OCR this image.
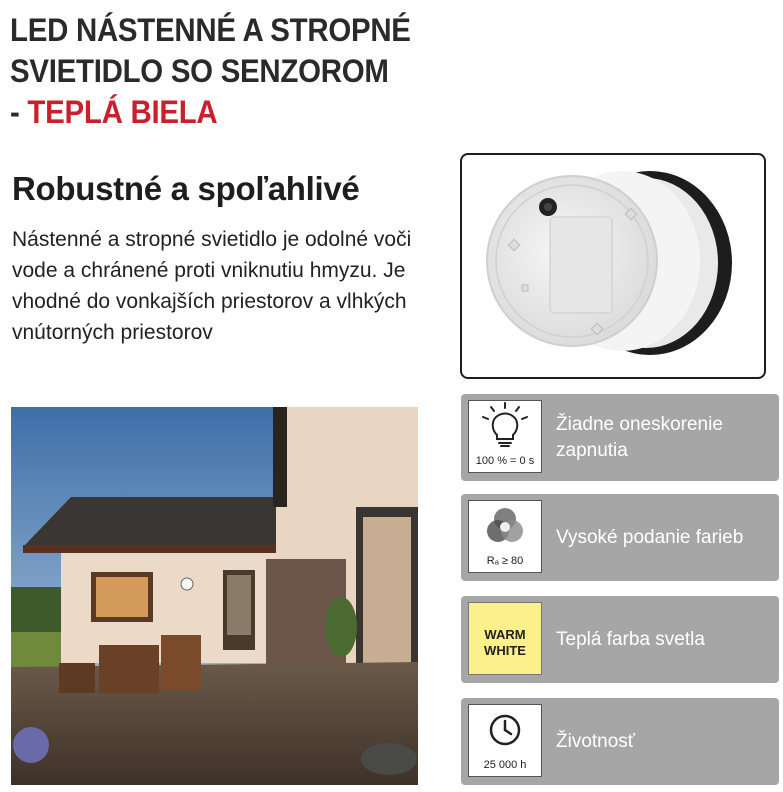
LED NÁSTENNÉ A STROPNÉ
SVIETIDLO SO SENZOROM
- TEPLÁ BIELA
Robustné a spoľahlivé
Nástenné a stropné svietidlo je odolné voči vode a chránené proti vniknutiu hmyzu. Je vhodné do vonkajších priestorov a vlhkých vnútorných priestorov
100 % = 0 s
Žiadne oneskorenie
zapnutia
Rₐ ≥ 80
Vysoké podanie farieb
WARM
WHITE
Teplá farba svetla
25 000 h
Životnosť
